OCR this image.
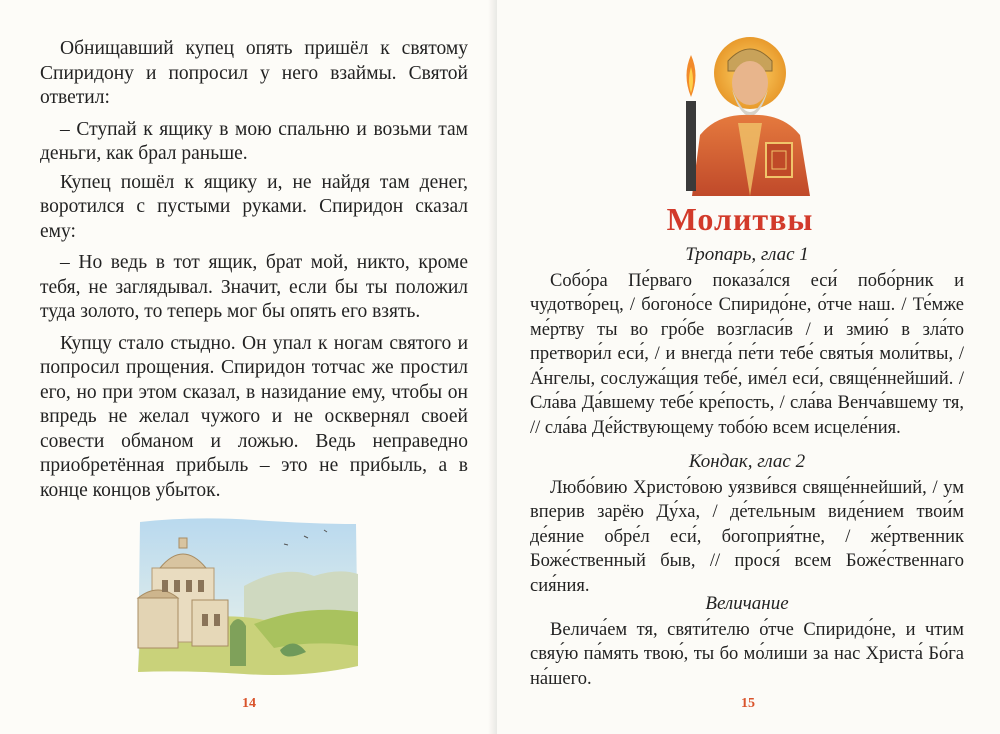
Обнищавший купец опять пришёл к святому Спиридону и попросил у него взаймы. Святой ответил:

– Ступай к ящику в мою спальню и возьми там деньги, как брал раньше.

Купец пошёл к ящику и, не найдя там денег, воротился с пустыми руками. Спиридон сказал ему:

– Но ведь в тот ящик, брат мой, никто, кроме тебя, не заглядывал. Значит, если бы ты положил туда золото, то теперь мог бы опять его взять.

Купцу стало стыдно. Он упал к ногам святого и попросил прощения. Спиридон тотчас же простил его, но при этом сказал, в назидание ему, чтобы он впредь не желал чужого и не осквернял своей совести обманом и ложью. Ведь неправедно приобретённая прибыль – это не прибыль, а в конце концов убыток.

14	15
Молитвы
Тропарь, глас 1

Собо́ра Пе́рваго показа́лся еси́ побо́рник и чудотво́рец, / богоно́се Спиридо́не, о́тче наш. / Те́мже ме́ртву ты во гро́бе возгласи́в / и змию́ в зла́то претвори́л еси́, / и внегда́ пе́ти тебе́ святы́я моли́твы, / А́нгелы, сослужа́щия тебе́, име́л еси́, свяще́ннейший. / Сла́ва Да́вшему тебе́ кре́пость, / сла́ва Венча́вшему тя, // сла́ва Де́йствующему тобо́ю всем исцеле́ния.

Кондак, глас 2

Любо́вию Христо́вою уязви́вся свяще́ннейший, / ум вперив зарёю Ду́ха, / де́тельным виде́нием твои́м де́яние обре́л еси́, богоприя́тне, / же́ртвенник Боже́ственный быв, // прося́ всем Боже́ственнаго сия́ния.

Величание

Велича́ем тя, святи́телю о́тче Спиридо́не, и чтим свяу́ю па́мять твою́, ты бо мо́лиши за нас Христа́ Бо́га на́шего.
